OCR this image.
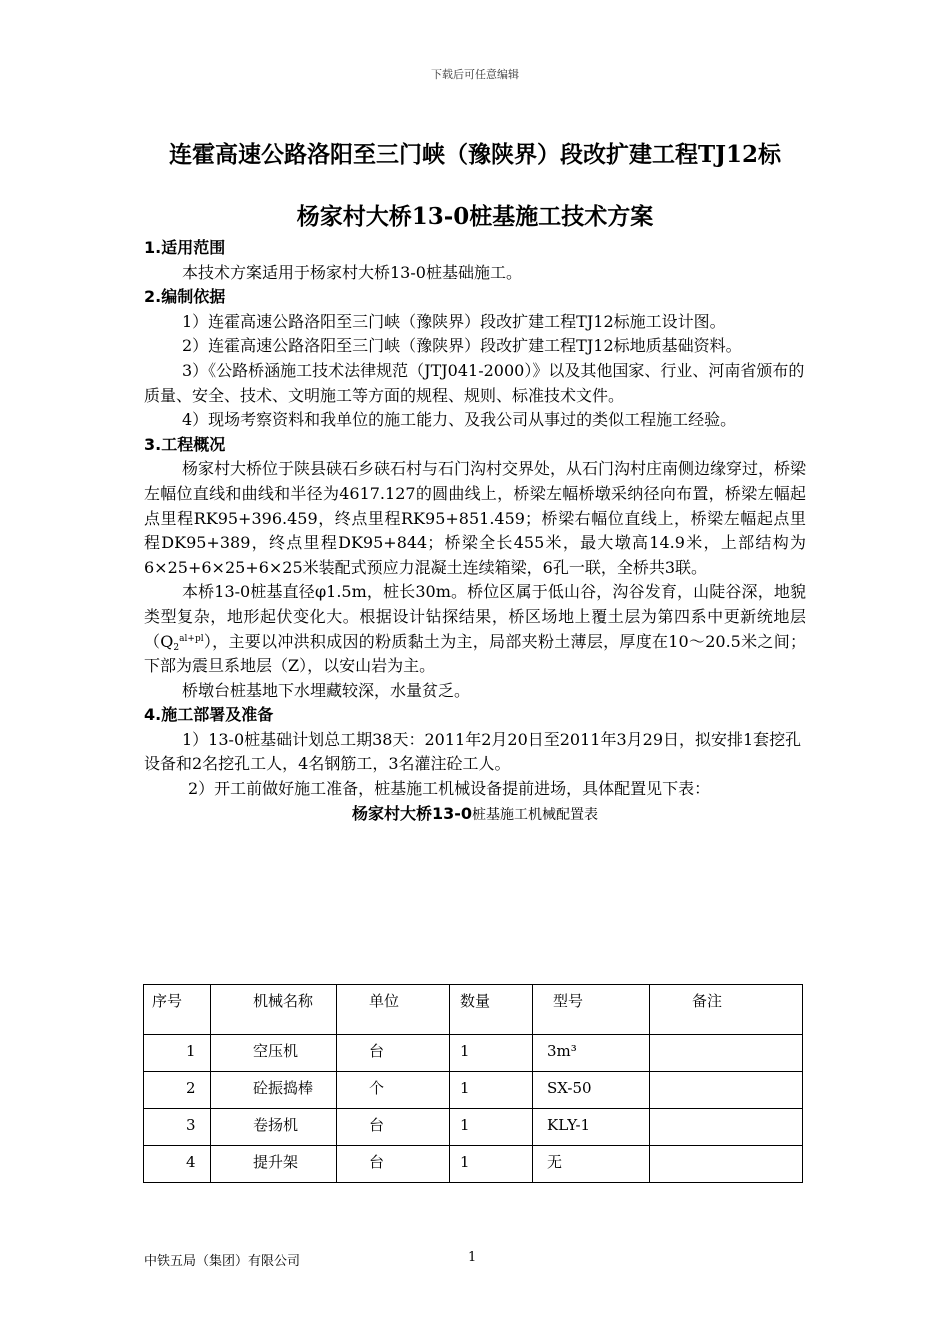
下载后可任意编辑
连霍高速公路洛阳至三门峡（豫陕界）段改扩建工程TJ12标
杨家村大桥13-0桩基施工技术方案

1.适用范围

本技术方案适用于杨家村大桥13-0桩基础施工。

2.编制依据

1）连霍高速公路洛阳至三门峡（豫陕界）段改扩建工程TJ12标施工设计图。

2）连霍高速公路洛阳至三门峡（豫陕界）段改扩建工程TJ12标地质基础资料。

3）《公路桥涵施工技术法律规范（JTJ041-2000）》以及其他国家、行业、河南省颁布的质量、安全、技术、文明施工等方面的规程、规则、标准技术文件。

4）现场考察资料和我单位的施工能力、及我公司从事过的类似工程施工经验。

3.工程概况

杨家村大桥位于陕县硖石乡硖石村与石门沟村交界处，从石门沟村庄南侧边缘穿过，桥梁左幅位直线和曲线和半径为4617.127的圆曲线上，桥梁左幅桥墩采纳径向布置，桥梁左幅起点里程RK95+396.459，终点里程RK95+851.459；桥梁右幅位直线上，桥梁左幅起点里程DK95+389，终点里程DK95+844；桥梁全长455米，最大墩高14.9米，上部结构为6×25+6×25+6×25米装配式预应力混凝土连续箱梁，6孔一联，全桥共3联。

本桥13-0桩基直径φ1.5m，桩长30m。桥位区属于低山谷，沟谷发育，山陡谷深，地貌类型复杂，地形起伏变化大。根据设计钻探结果，桥区场地上覆土层为第四系中更新统地层$(Q_2^{al+pl})$，主要以冲洪积成因的粉质黏土为主，局部夹粉土薄层，厚度在10～20.5米之间；下部为震旦系地层（Z），以安山岩为主。

桥墩台桩基地下水埋藏较深，水量贫乏。

4.施工部署及准备

1）13-0桩基础计划总工期38天：2011年2月20日至2011年3月29日，拟安排1套挖孔设备和2名挖孔工人，4名钢筋工，3名灌注砼工人。

2）开工前做好施工准备，桩基施工机械设备提前进场，具体配置见下表：

杨家村大桥13-0桩基施工机械配置表

序号	机械名称	单位	数量	型号	备注

1	空压机	台	1	3m³	

2	砼振捣棒	个	1	SX-50	

3	卷扬机	台	1	KLY-1	

4	提升架	台	1	无	

中铁五局（集团）有限公司	1
